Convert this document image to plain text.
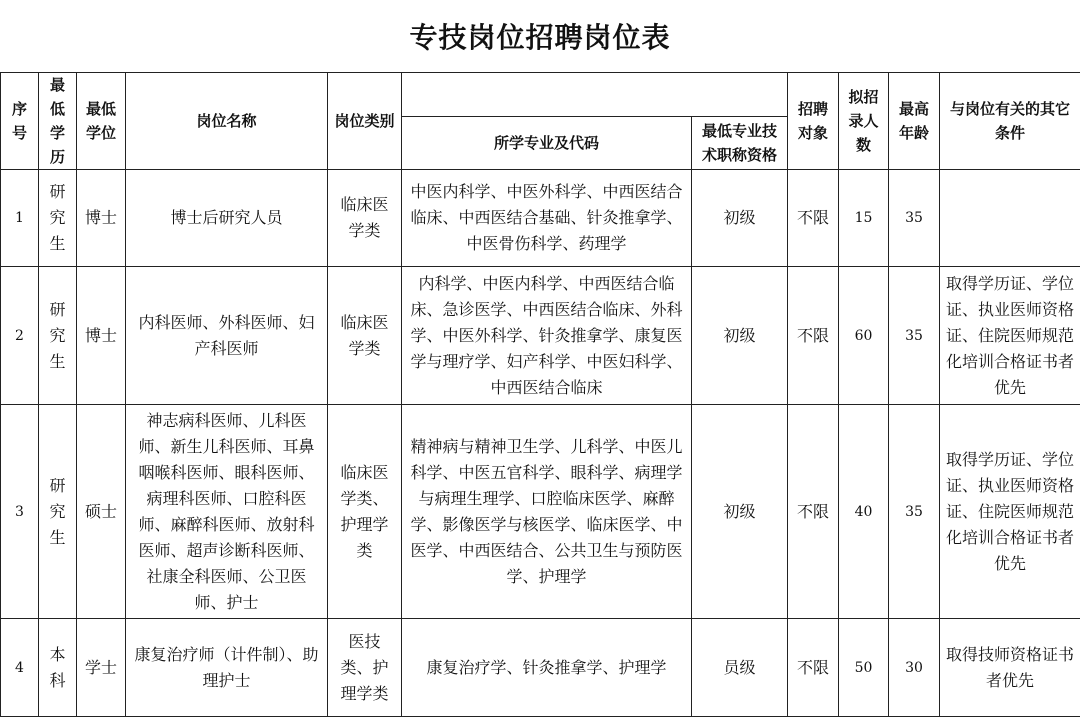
专技岗位招聘岗位表
序号	最低学历	最低学位	岗位名称	岗位类别			招聘对象	拟招录人数	最高年龄	与岗位有关的其它条件
					所学专业及代码	最低专业技术职称资格				
1	研究生	博士	博士后研究人员	临床医学类	中医内科学、中医外科学、中西医结合临床、中西医结合基础、针灸推拿学、中医骨伤科学、药理学	初级	不限	15	35	
2	研究生	博士	内科医师、外科医师、妇产科医师	临床医学类	内科学、中医内科学、中西医结合临床、急诊医学、中西医结合临床、外科学、中医外科学、针灸推拿学、康复医学与理疗学、妇产科学、中医妇科学、中西医结合临床	初级	不限	60	35	取得学历证、学位证、执业医师资格证、住院医师规范化培训合格证书者优先
3	研究生	硕士	神志病科医师、儿科医师、新生儿科医师、耳鼻咽喉科医师、眼科医师、病理科医师、口腔科医师、麻醉科医师、放射科医师、超声诊断科医师、社康全科医师、公卫医师、护士	临床医学类、护理学类	精神病与精神卫生学、儿科学、中医儿科学、中医五官科学、眼科学、病理学与病理生理学、口腔临床医学、麻醉学、影像医学与核医学、临床医学、中医学、中西医结合、公共卫生与预防医学、护理学	初级	不限	40	35	取得学历证、学位证、执业医师资格证、住院医师规范化培训合格证书者优先
4	本科	学士	康复治疗师（计件制）、助理护士	医技类、护理学类	康复治疗学、针灸推拿学、护理学	员级	不限	50	30	取得技师资格证书者优先
